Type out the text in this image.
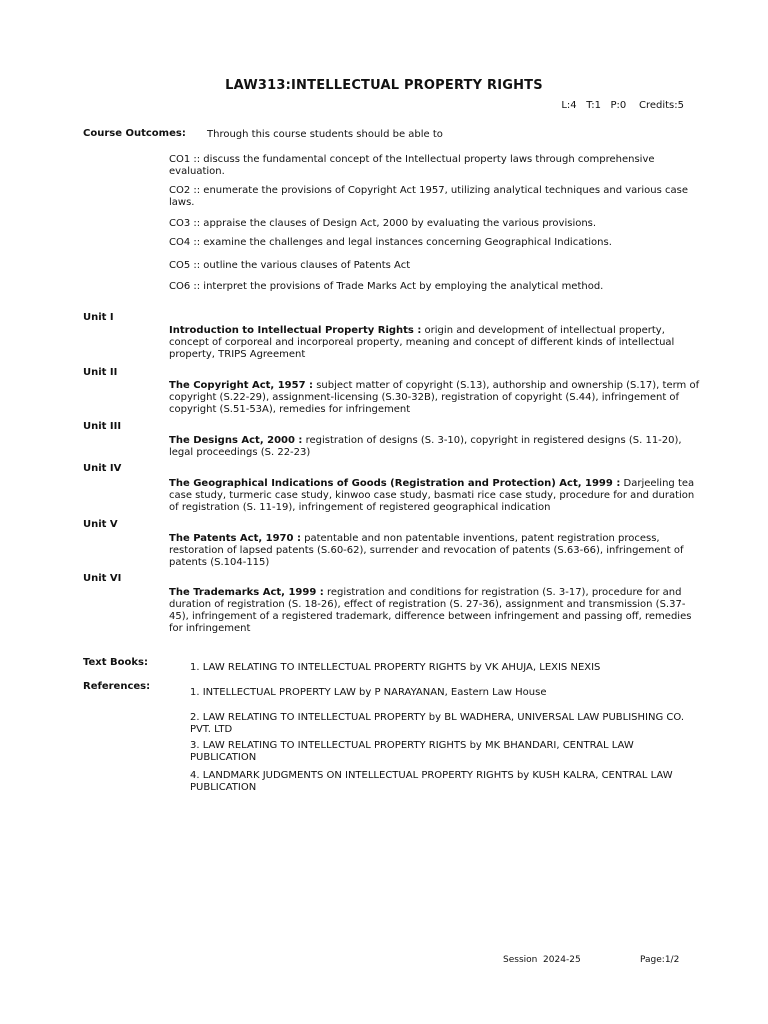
LAW313:INTELLECTUAL PROPERTY RIGHTS
L:4 T:1 P:0 Credits:5
Course Outcomes: Through this course students should be able to
CO1 :: discuss the fundamental concept of the Intellectual property laws through comprehensive evaluation.
CO2 :: enumerate the provisions of Copyright Act 1957, utilizing analytical techniques and various case laws.
CO3 :: appraise the clauses of Design Act, 2000 by evaluating the various provisions.
CO4 :: examine the challenges and legal instances concerning Geographical Indications.
CO5 :: outline the various clauses of Patents Act
CO6 :: interpret the provisions of Trade Marks Act by employing the analytical method.
Unit I
Introduction to Intellectual Property Rights : origin and development of intellectual property, concept of corporeal and incorporeal property, meaning and concept of different kinds of intellectual property, TRIPS Agreement
Unit II
The Copyright Act, 1957 : subject matter of copyright (S.13), authorship and ownership (S.17), term of copyright (S.22-29), assignment-licensing (S.30-32B), registration of copyright (S.44), infringement of copyright (S.51-53A), remedies for infringement
Unit III
The Designs Act, 2000 : registration of designs (S. 3-10), copyright in registered designs (S. 11-20), legal proceedings (S. 22-23)
Unit IV
The Geographical Indications of Goods (Registration and Protection) Act, 1999 : Darjeeling tea case study, turmeric case study, kinwoo case study, basmati rice case study, procedure for and duration of registration (S. 11-19), infringement of registered geographical indication
Unit V
The Patents Act, 1970 : patentable and non patentable inventions, patent registration process, restoration of lapsed patents (S.60-62), surrender and revocation of patents (S.63-66), infringement of patents (S.104-115)
Unit VI
The Trademarks Act, 1999 : registration and conditions for registration (S. 3-17), procedure for and duration of registration (S. 18-26), effect of registration (S. 27-36), assignment and transmission (S.37-45), infringement of a registered trademark, difference between infringement and passing off, remedies for infringement
Text Books:	1. LAW RELATING TO INTELLECTUAL PROPERTY RIGHTS by VK AHUJA, LEXIS NEXIS
References:
1. INTELLECTUAL PROPERTY LAW by P NARAYANAN, Eastern Law House
2. LAW RELATING TO INTELLECTUAL PROPERTY by BL WADHERA, UNIVERSAL LAW PUBLISHING CO. PVT. LTD
3. LAW RELATING TO INTELLECTUAL PROPERTY RIGHTS by MK BHANDARI, CENTRAL LAW PUBLICATION
4. LANDMARK JUDGMENTS ON INTELLECTUAL PROPERTY RIGHTS by KUSH KALRA, CENTRAL LAW PUBLICATION
Session  2024-25	Page:1/2
